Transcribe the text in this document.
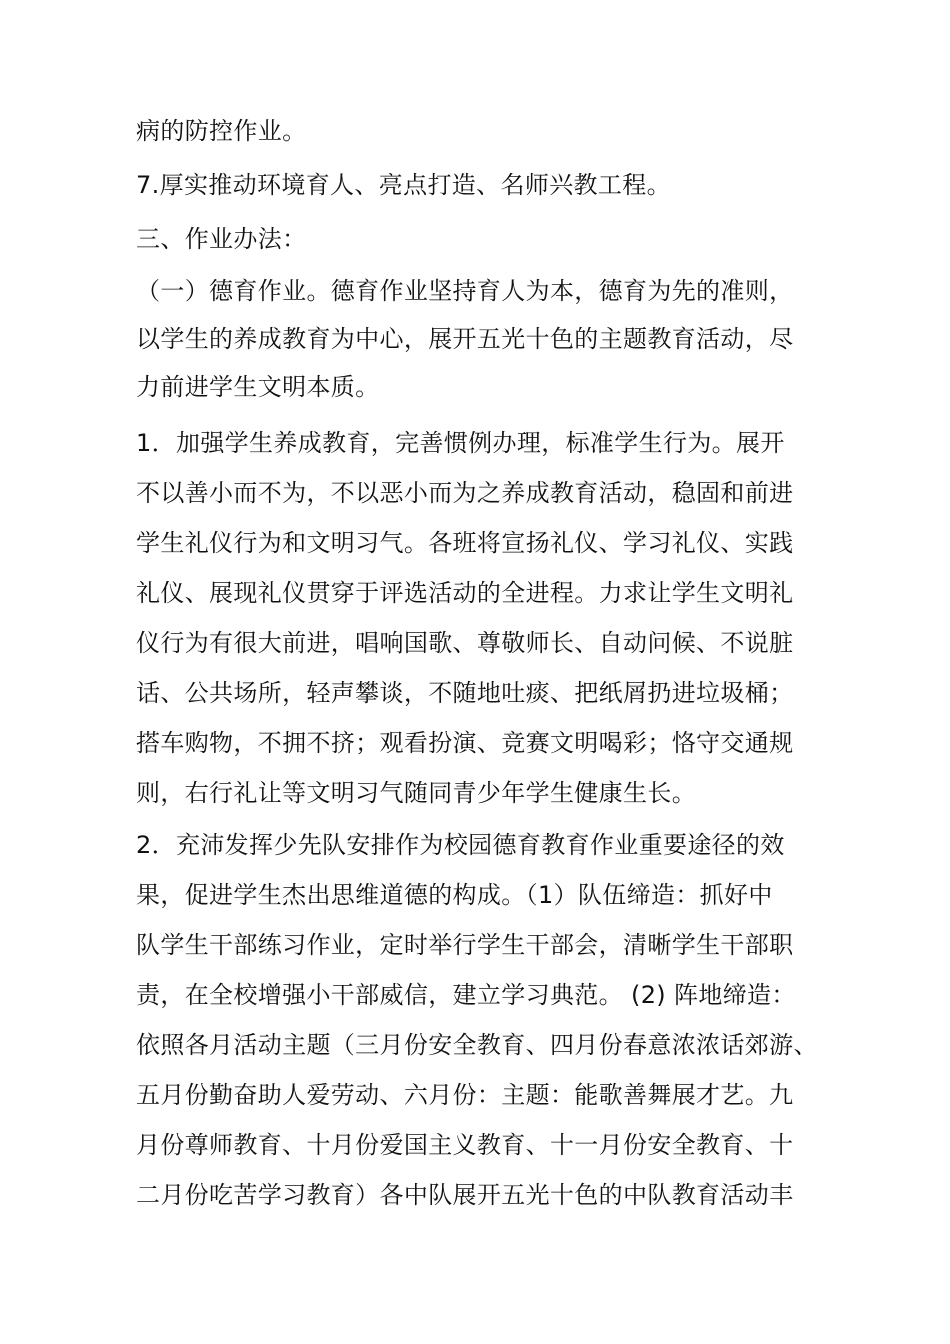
病的防控作业。
7.厚实推动环境育人、亮点打造、名师兴教工程。
三、作业办法：
（一）德育作业。德育作业坚持育人为本，德育为先的准则，
以学生的养成教育为中心，展开五光十色的主题教育活动，尽
力前进学生文明本质。
1．加强学生养成教育，完善惯例办理，标准学生行为。展开
不以善小而不为，不以恶小而为之养成教育活动，稳固和前进
学生礼仪行为和文明习气。各班将宣扬礼仪、学习礼仪、实践
礼仪、展现礼仪贯穿于评选活动的全进程。力求让学生文明礼
仪行为有很大前进，唱响国歌、尊敬师长、自动问候、不说脏
话、公共场所，轻声攀谈，不随地吐痰、把纸屑扔进垃圾桶；
搭车购物，不拥不挤；观看扮演、竞赛文明喝彩；恪守交通规
则，右行礼让等文明习气随同青少年学生健康生长。
2．充沛发挥少先队安排作为校园德育教育作业重要途径的效
果，促进学生杰出思维道德的构成。（1）队伍缔造：抓好中
队学生干部练习作业，定时举行学生干部会，清晰学生干部职
责，在全校增强小干部威信，建立学习典范。 (2) 阵地缔造：
依照各月活动主题（三月份安全教育、四月份春意浓浓话郊游、
五月份勤奋助人爱劳动、六月份：主题：能歌善舞展才艺。九
月份尊师教育、十月份爱国主义教育、十一月份安全教育、十
二月份吃苦学习教育）各中队展开五光十色的中队教育活动丰
